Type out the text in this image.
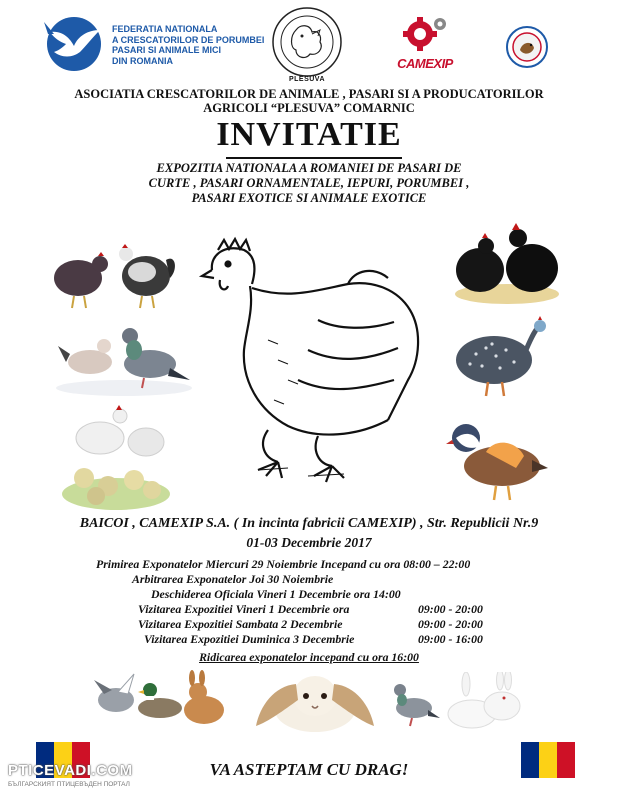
FEDERATIA NATIONALA
A CRESCATORILOR DE PORUMBEI
PASARI SI ANIMALE MICI
DIN ROMANIA
PLESUVA
CAMEXIP
ASOCIATIA CRESCATORILOR DE ANIMALE , PASARI SI A PRODUCATORILOR
AGRICOLI “PLESUVA” COMARNIC
INVITATIE
EXPOZITIA NATIONALA A ROMANIEI DE PASARI DE
CURTE , PASARI ORNAMENTALE, IEPURI, PORUMBEI ,
PASARI EXOTICE SI ANIMALE EXOTICE
BAICOI , CAMEXIP S.A. ( In incinta fabricii CAMEXIP) , Str. Republicii Nr.9
01-03 Decembrie 2017
Primirea Exponatelor Miercuri 29 Noiembrie Incepand cu ora 08:00 – 22:00
Arbitrarea Exponatelor Joi 30 Noiembrie
Deschiderea Oficiala Vineri 1 Decembrie ora 14:00
Vizitarea Expozitiei Vineri 1 Decembrie ora	09:00 - 20:00
Vizitarea Expozitiei Sambata 2 Decembrie	09:00 - 20:00
Vizitarea Expozitiei Duminica 3 Decembrie	09:00 - 16:00
Ridicarea exponatelor incepand cu ora 16:00
VA ASTEPTAM CU DRAG!
PTICEVADI.COM
БЪЛГАРСКИЯТ ПТИЦЕВЪДЕН ПОРТАЛ
